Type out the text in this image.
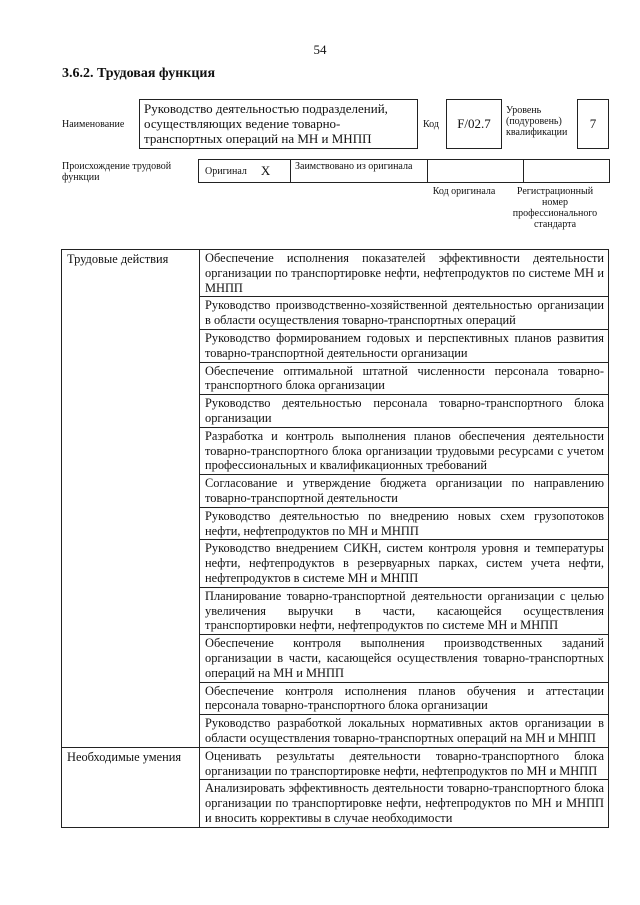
54
3.6.2. Трудовая функция
Наименование
Руководство деятельностью подразделений, осуществляющих ведение товарно-транспортных операций на МН и МНПП
Код F/02.7
Уровень (подуровень) квалификации
7
Происхождение трудовой функции
Оригинал	X	Заимствовано из оригинала
Код оригинала	Регистрационный номер профессионального стандарта
Трудовые действия	Обеспечение исполнения показателей эффективности деятельности организации по транспортировке нефти, нефтепродуктов по системе МН и МНПП
	Руководство производственно-хозяйственной деятельностью организации в области осуществления товарно-транспортных операций
	Руководство формированием годовых и перспективных планов развития товарно-транспортной деятельности организации
	Обеспечение оптимальной штатной численности персонала товарно-транспортного блока организации
	Руководство деятельностью персонала товарно-транспортного блока организации
	Разработка и контроль выполнения планов обеспечения деятельности товарно-транспортного блока организации трудовыми ресурсами с учетом профессиональных и квалификационных требований
	Согласование и утверждение бюджета организации по направлению товарно-транспортной деятельности
	Руководство деятельностью по внедрению новых схем грузопотоков нефти, нефтепродуктов по МН и МНПП
	Руководство внедрением СИКН, систем контроля уровня и температуры нефти, нефтепродуктов в резервуарных парках, систем учета нефти, нефтепродуктов в системе МН и МНПП
	Планирование товарно-транспортной деятельности организации с целью увеличения выручки в части, касающейся осуществления транспортировки нефти, нефтепродуктов по системе МН и МНПП
	Обеспечение контроля выполнения производственных заданий организации в части, касающейся осуществления товарно-транспортных операций на МН и МНПП
	Обеспечение контроля исполнения планов обучения и аттестации персонала товарно-транспортного блока организации
	Руководство разработкой локальных нормативных актов организации в области осуществления товарно-транспортных операций на МН и МНПП
Необходимые умения	Оценивать результаты деятельности товарно-транспортного блока организации по транспортировке нефти, нефтепродуктов по МН и МНПП
	Анализировать эффективность деятельности товарно-транспортного блока организации по транспортировке нефти, нефтепродуктов по МН и МНПП и вносить коррективы в случае необходимости
